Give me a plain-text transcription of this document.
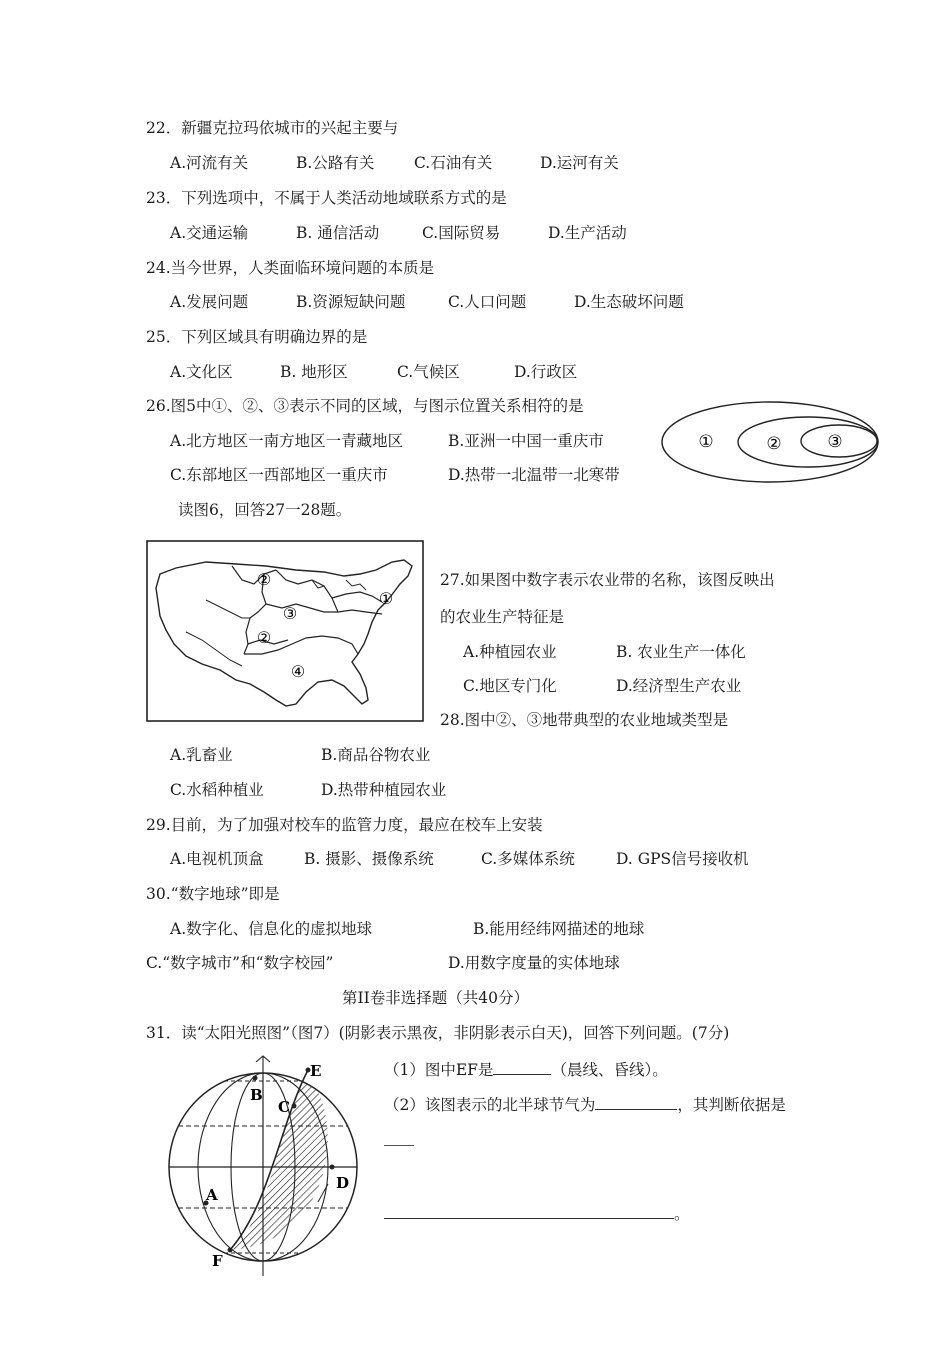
22．新疆克拉玛依城市的兴起主要与
A.河流有关	B.公路有关	C.石油有关	D.运河有关
23．下列选项中，不属于人类活动地域联系方式的是
A.交通运输	B. 通信活动	C.国际贸易	D.生产活动
24.当今世界，人类面临环境问题的本质是
A.发展问题	B.资源短缺问题	C.人口问题	D.生态破坏问题
25．下列区域具有明确边界的是
A.文化区	B. 地形区	C.气候区	D.行政区
26.图5中①、②、③表示不同的区域，与图示位置关系相符的是
A.北方地区一南方地区一青藏地区	B.亚洲一中国一重庆市
C.东部地区一西部地区一重庆市	D.热带一北温带一北寒带
①	②	③
读图6，回答27一28题。
②
③
②
④
①
27.如果图中数字表示农业带的名称，该图反映出
的农业生产特征是
A.种植园农业	B. 农业生产一体化
C.地区专门化	D.经济型生产农业
28.图中②、③地带典型的农业地域类型是
A.乳畜业	B.商品谷物农业
C.水稻种植业	D.热带种植园农业
29.目前，为了加强对校车的监管力度，最应在校车上安装
A.电视机顶盒	B. 摄影、摄像系统	C.多媒体系统	D. GPS信号接收机
30.“数字地球”即是
A.数字化、信息化的虚拟地球	B.能用经纬网描述的地球
C.“数字城市”和“数字校园”	D.用数字度量的实体地球
第II卷非选择题（共40分）
31．读“太阳光照图”（图7）(阴影表示黑夜，非阴影表示白天)，回答下列问题。(7分)
（1）图中EF是	（晨线、昏线）。
（2）该图表示的北半球节气为	，其判断依据是
。
E
B
C
D
A
F
